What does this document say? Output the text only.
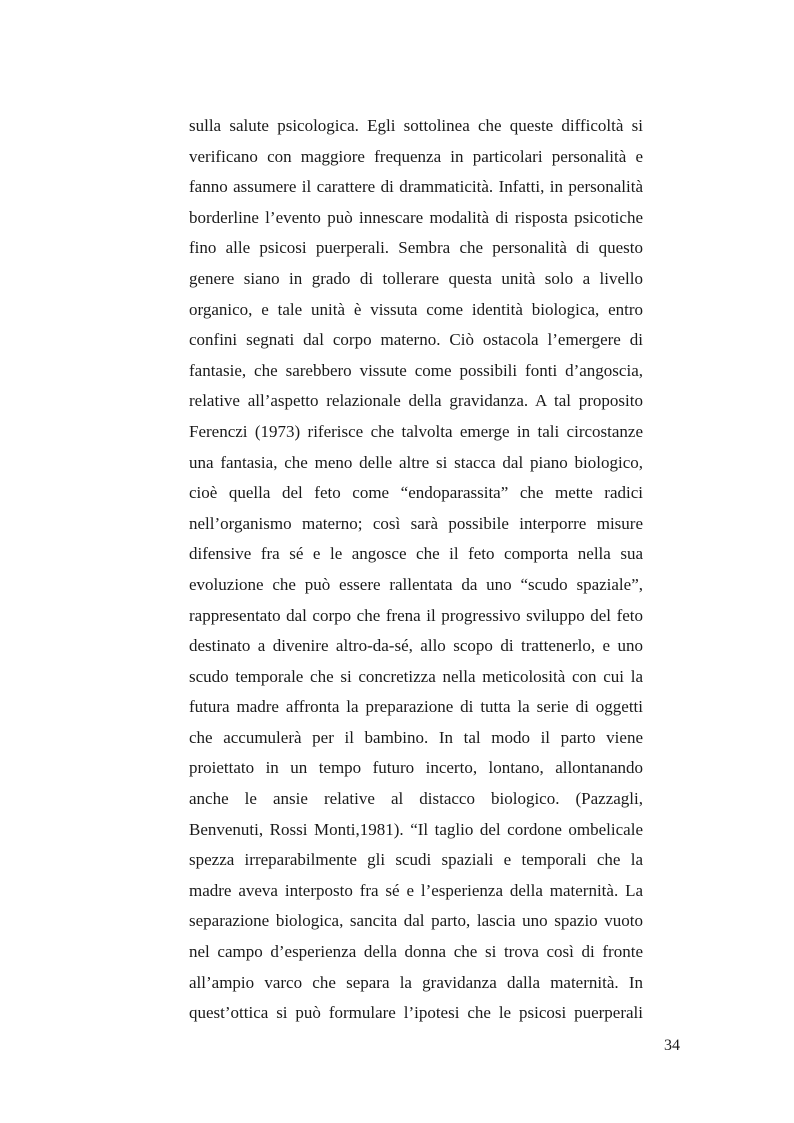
sulla salute psicologica. Egli sottolinea che queste difficoltà si
verificano con maggiore frequenza in particolari personalità e
fanno assumere il carattere di drammaticità. Infatti, in personalità
borderline l’evento può innescare modalità di risposta psicotiche
fino alle psicosi puerperali. Sembra che personalità di questo
genere siano in grado di tollerare questa unità solo a livello
organico, e tale unità è vissuta come identità biologica, entro
confini segnati dal corpo materno. Ciò ostacola l’emergere di
fantasie, che sarebbero vissute come possibili fonti d’angoscia,
relative all’aspetto relazionale della gravidanza. A tal proposito
Ferenczi (1973) riferisce che talvolta emerge in tali circostanze
una fantasia, che meno delle altre si stacca dal piano biologico,
cioè quella del feto come “endoparassita” che mette radici
nell’organismo materno; così sarà possibile interporre misure
difensive fra sé e le angosce che il feto comporta nella sua
evoluzione che può essere rallentata da uno “scudo spaziale”,
rappresentato dal corpo che frena il progressivo sviluppo del feto
destinato a divenire altro-da-sé, allo scopo di trattenerlo, e uno
scudo temporale che si concretizza nella meticolosità con cui la
futura madre affronta la preparazione di tutta la serie di oggetti
che accumulerà per il bambino. In tal modo il parto viene
proiettato in un tempo futuro incerto, lontano, allontanando
anche le ansie relative al distacco biologico. (Pazzagli,
Benvenuti, Rossi Monti,1981). “Il taglio del cordone ombelicale
spezza irreparabilmente gli scudi spaziali e temporali che la
madre aveva interposto fra sé e l’esperienza della maternità. La
separazione biologica, sancita dal parto, lascia uno spazio vuoto
nel campo d’esperienza della donna che si trova così di fronte
all’ampio varco che separa la gravidanza dalla maternità. In
quest’ottica si può formulare l’ipotesi che le psicosi puerperali
34
